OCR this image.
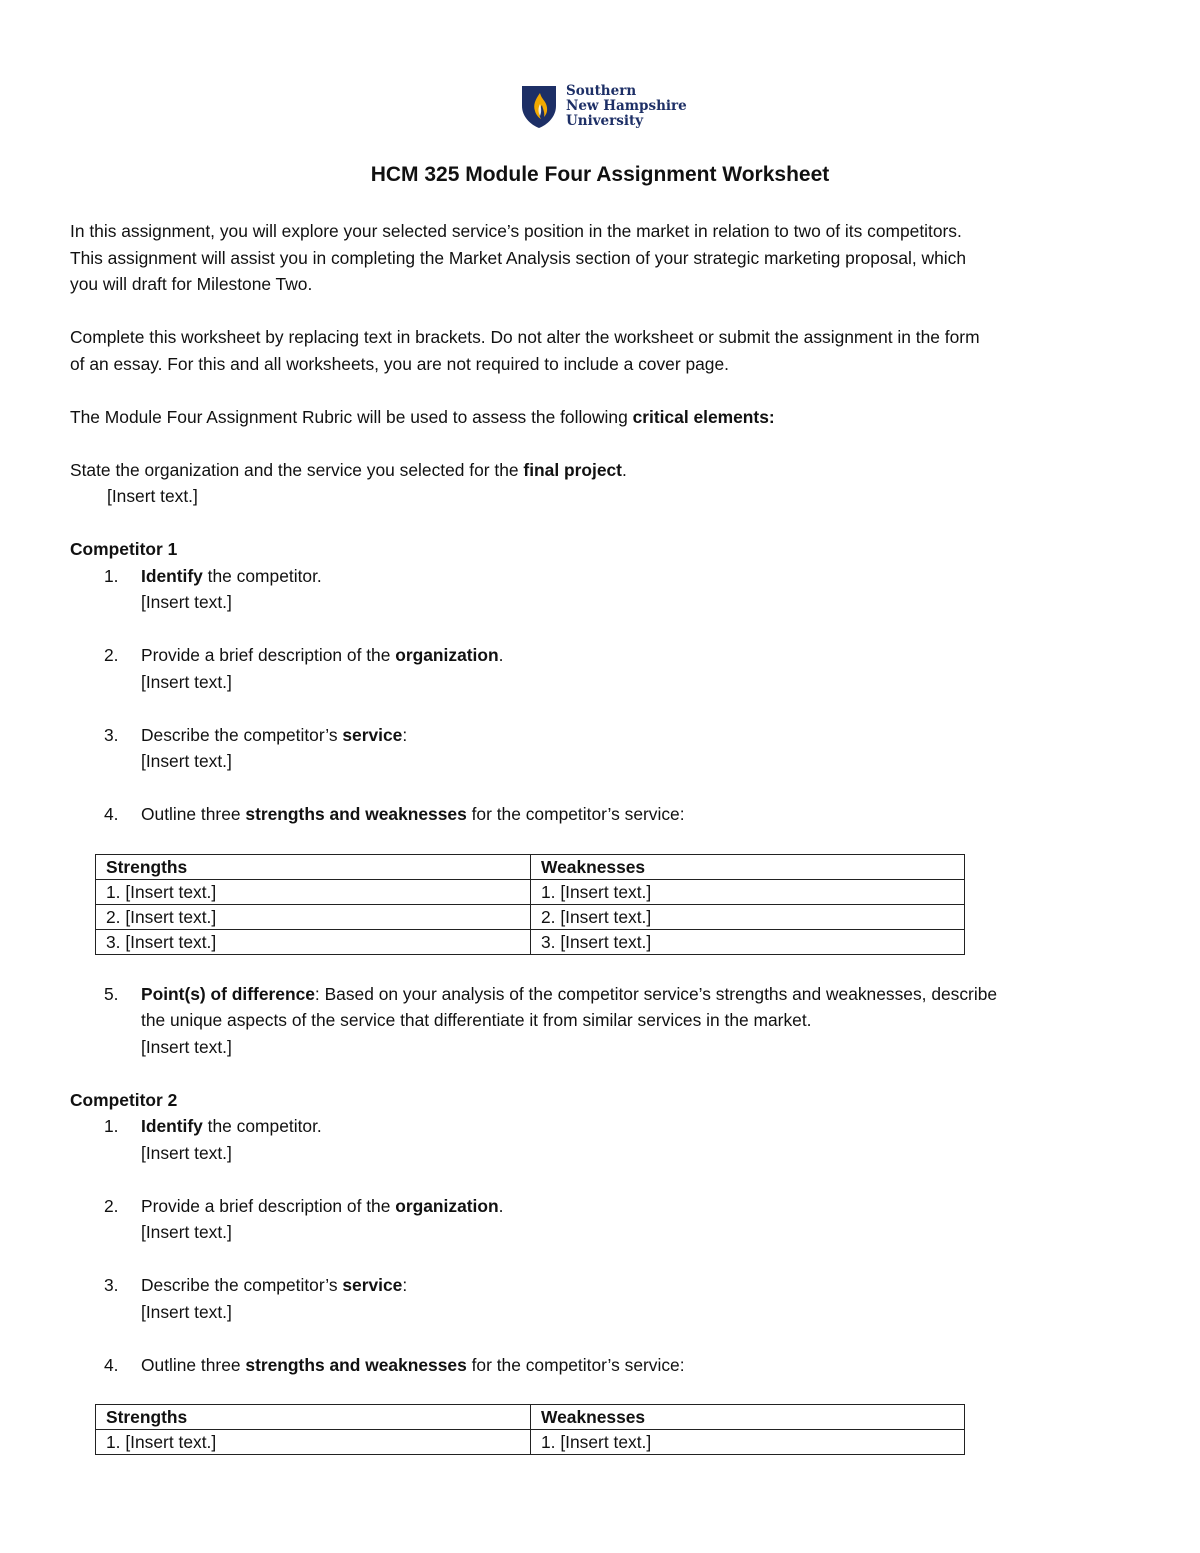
Southern
New Hampshire
University
HCM 325 Module Four Assignment Worksheet

In this assignment, you will explore your selected service’s position in the market in relation to two of its competitors.

This assignment will assist you in completing the Market Analysis section of your strategic marketing proposal, which

you will draft for Milestone Two.

Complete this worksheet by replacing text in brackets. Do not alter the worksheet or submit the assignment in the form

of an essay. For this and all worksheets, you are not required to include a cover page.

The Module Four Assignment Rubric will be used to assess the following critical elements:

State the organization and the service you selected for the final project.

[Insert text.]

Competitor 1

1. Identify the competitor.
[Insert text.]
2. Provide a brief description of the organization.
[Insert text.]
3. Describe the competitor’s service:
[Insert text.]
4. Outline three strengths and weaknesses for the competitor’s service:
Strengths	Weaknesses
1. [Insert text.]	1. [Insert text.]
2. [Insert text.]	2. [Insert text.]
3. [Insert text.]	3. [Insert text.]
5. Point(s) of difference: Based on your analysis of the competitor service’s strengths and weaknesses, describe
the unique aspects of the service that differentiate it from similar services in the market.
[Insert text.]

Competitor 2

1. Identify the competitor.
[Insert text.]
2. Provide a brief description of the organization.
[Insert text.]
3. Describe the competitor’s service:
[Insert text.]
4. Outline three strengths and weaknesses for the competitor’s service:
Strengths	Weaknesses
1. [Insert text.]	1. [Insert text.]
